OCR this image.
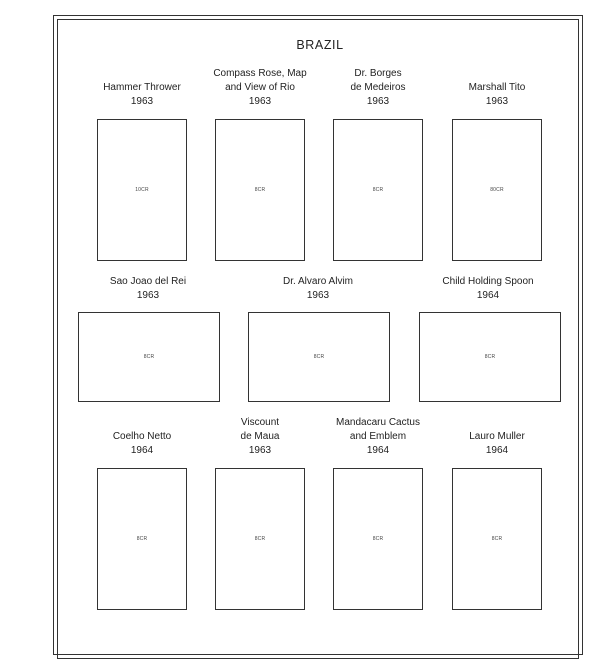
BRAZIL
Hammer Thrower
1963
10CR
Compass Rose, Map
and View of Rio
1963
8CR
Dr. Borges
de Medeiros
1963
8CR
Marshall Tito
1963
80CR
Sao Joao del Rei
1963
8CR
Dr. Alvaro Alvim
1963
8CR
Child Holding Spoon
1964
8CR
Coelho Netto
1964
8CR
Viscount
de Maua
1963
8CR
Mandacaru Cactus
and Emblem
1964
8CR
Lauro Muller
1964
8CR
